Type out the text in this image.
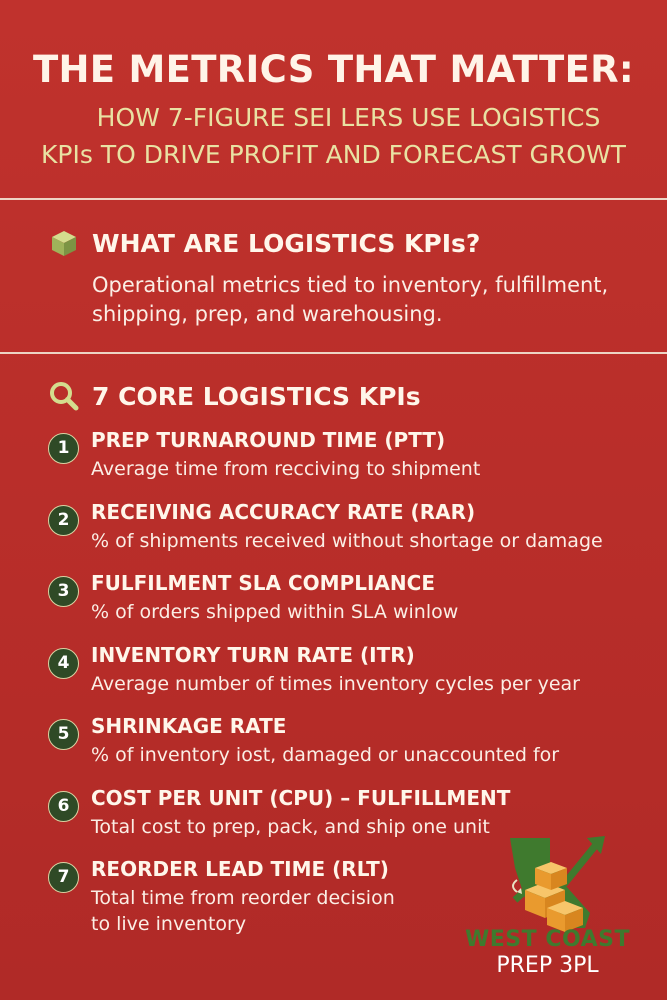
THE METRICS THAT MATTER:
HOW 7-FIGURE SEI LERS USE LOGISTICS
KPIs TO DRIVE PROFIT AND FORECAST GROWT
WHAT ARE LOGISTICS KPIs?
Operational metrics tied to inventory, fulfillment, shipping, prep, and warehousing.
7 CORE LOGISTICS KPIs
1	PREP TURNAROUND TIME (PTT)
Average time from recciving to shipment
2	RECEIVING ACCURACY RATE (RAR)
% of shipments received without shortage or damage
3	FULFILMENT SLA COMPLIANCE
% of orders shipped within SLA winlow
4	INVENTORY TURN RATE (ITR)
Average number of times inventory cycles per year
5	SHRINKAGE RATE
% of inventory iost, damaged or unaccounted for
6	COST PER UNIT (CPU) – FULFILLMENT
Total cost to prep, pack, and ship one unit
7	REORDER LEAD TIME (RLT)
Total time from reorder decision
to live inventory
WEST COAST
PREP 3PL
